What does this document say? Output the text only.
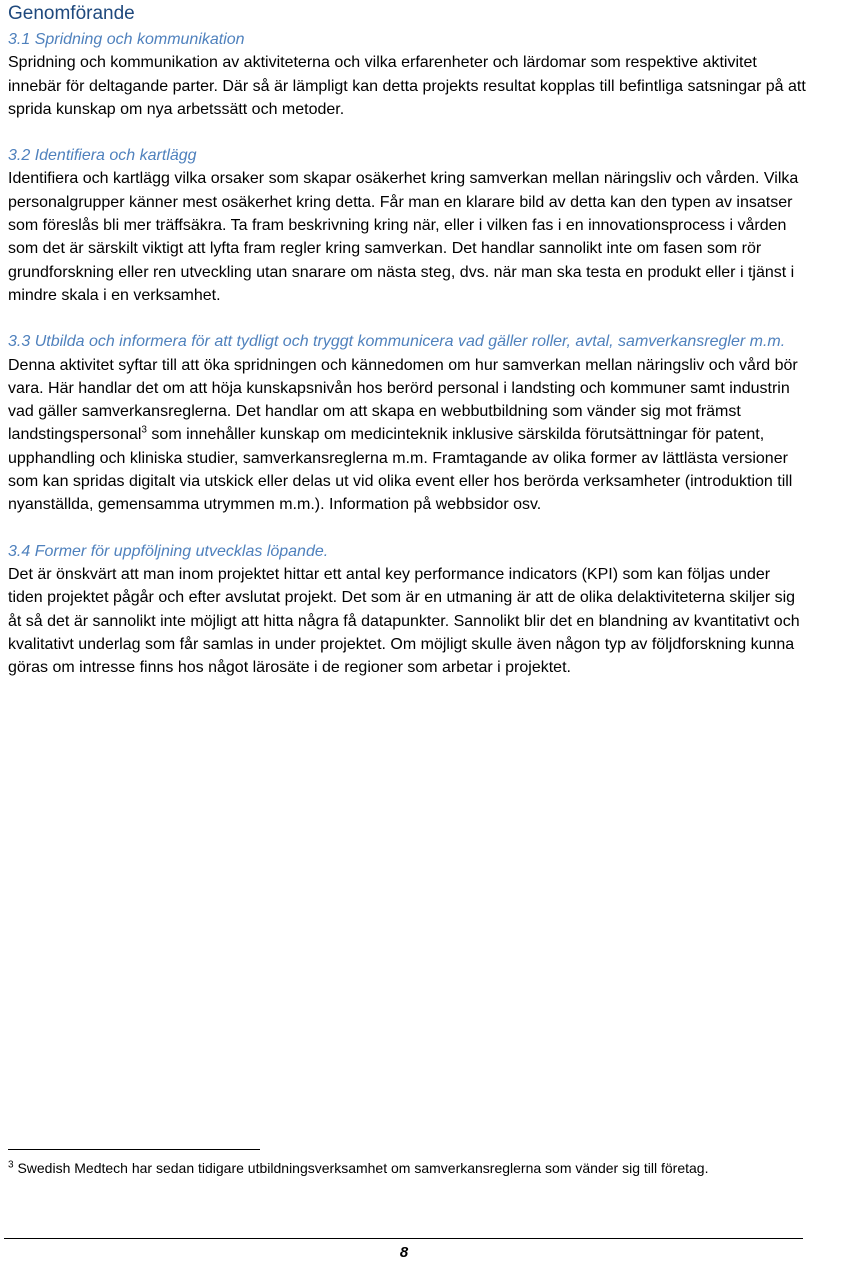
Genomförande
3.1 Spridning och kommunikation

Spridning och kommunikation av aktiviteterna och vilka erfarenheter och lärdomar som respektive aktivitet innebär för deltagande parter. Där så är lämpligt kan detta projekts resultat kopplas till befintliga satsningar på att sprida kunskap om nya arbetssätt och metoder.

3.2 Identifiera och kartlägg

Identifiera och kartlägg vilka orsaker som skapar osäkerhet kring samverkan mellan näringsliv och vården. Vilka personalgrupper känner mest osäkerhet kring detta. Får man en klarare bild av detta kan den typen av insatser som föreslås bli mer träffsäkra. Ta fram beskrivning kring när, eller i vilken fas i en innovationsprocess i vården som det är särskilt viktigt att lyfta fram regler kring samverkan. Det handlar sannolikt inte om fasen som rör grundforskning eller ren utveckling utan snarare om nästa steg, dvs. när man ska testa en produkt eller i tjänst i mindre skala i en verksamhet.

3.3 Utbilda och informera för att tydligt och tryggt kommunicera vad gäller roller, avtal, samverkansregler m.m.

Denna aktivitet syftar till att öka spridningen och kännedomen om hur samverkan mellan näringsliv och vård bör vara. Här handlar det om att höja kunskapsnivån hos berörd personal i landsting och kommuner samt industrin vad gäller samverkansreglerna. Det handlar om att skapa en webbutbildning som vänder sig mot främst landstingspersonal$^3$ som innehåller kunskap om medicinteknik inklusive särskilda förutsättningar för patent, upphandling och kliniska studier, samverkansreglerna m.m. Framtagande av olika former av lättlästa versioner som kan spridas digitalt via utskick eller delas ut vid olika event eller hos berörda verksamheter (introduktion till nyanställda, gemensamma utrymmen m.m.). Information på webbsidor osv.

3.4 Former för uppföljning utvecklas löpande.

Det är önskvärt att man inom projektet hittar ett antal key performance indicators (KPI) som kan följas under tiden projektet pågår och efter avslutat projekt. Det som är en utmaning är att de olika delaktiviteterna skiljer sig åt så det är sannolikt inte möjligt att hitta några få datapunkter. Sannolikt blir det en blandning av kvantitativt och kvalitativt underlag som får samlas in under projektet. Om möjligt skulle även någon typ av följdforskning kunna göras om intresse finns hos något lärosäte i de regioner som arbetar i projektet.

$^3$ Swedish Medtech har sedan tidigare utbildningsverksamhet om samverkansreglerna som vänder sig till företag.

8
